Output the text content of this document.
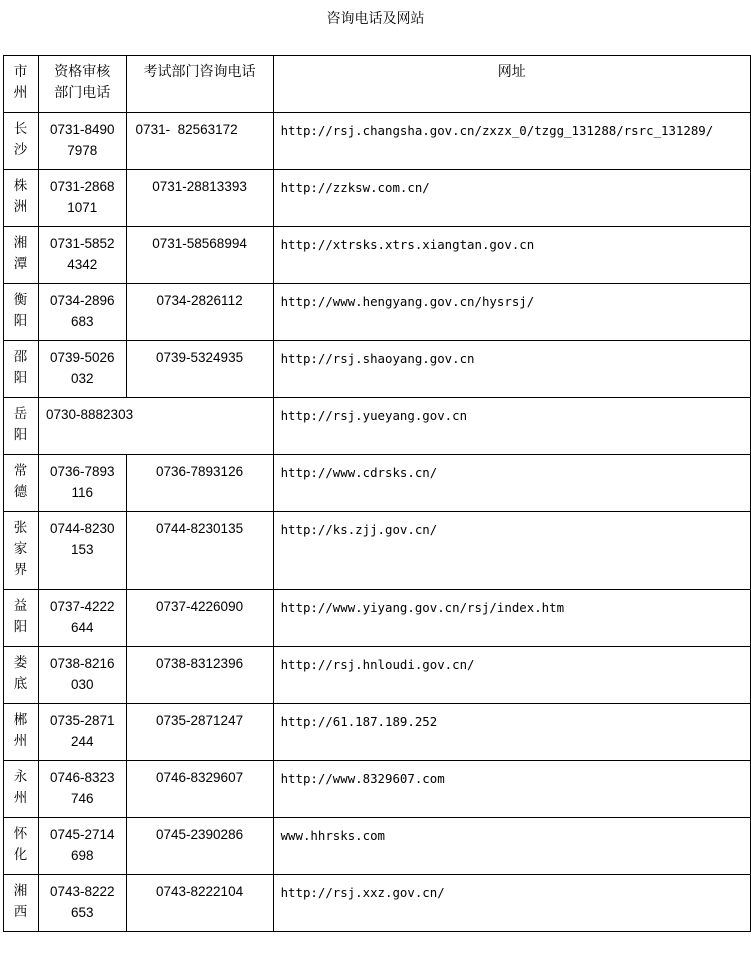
咨询电话及网站
市州	资格审核部门电话	考试部门咨询电话	网址

长沙	0731-84907978	0731-  82563172	http://rsj.changsha.gov.cn/zxzx_0/tzgg_131288/rsrc_131289/

株洲	0731-28681071	0731-28813393	http://zzksw.com.cn/

湘潭	0731-58524342	0731-58568994	http://xtrsks.xtrs.xiangtan.gov.cn

衡阳	0734-2896683	0734-2826112	http://www.hengyang.gov.cn/hysrsj/

邵阳	0739-5026032	0739-5324935	http://rsj.shaoyang.gov.cn

岳阳	0730-8882303		http://rsj.yueyang.gov.cn

常德	0736-7893116	0736-7893126	http://www.cdrsks.cn/

张家界	0744-8230153	0744-8230135	http://ks.zjj.gov.cn/

益阳	0737-4222644	0737-4226090	http://www.yiyang.gov.cn/rsj/index.htm

娄底	0738-8216030	0738-8312396	http://rsj.hnloudi.gov.cn/

郴州	0735-2871244	0735-2871247	http://61.187.189.252

永州	0746-8323746	0746-8329607	http://www.8329607.com

怀化	0745-2714698	0745-2390286	www.hhrsks.com

湘西	0743-8222653	0743-8222104	http://rsj.xxz.gov.cn/
